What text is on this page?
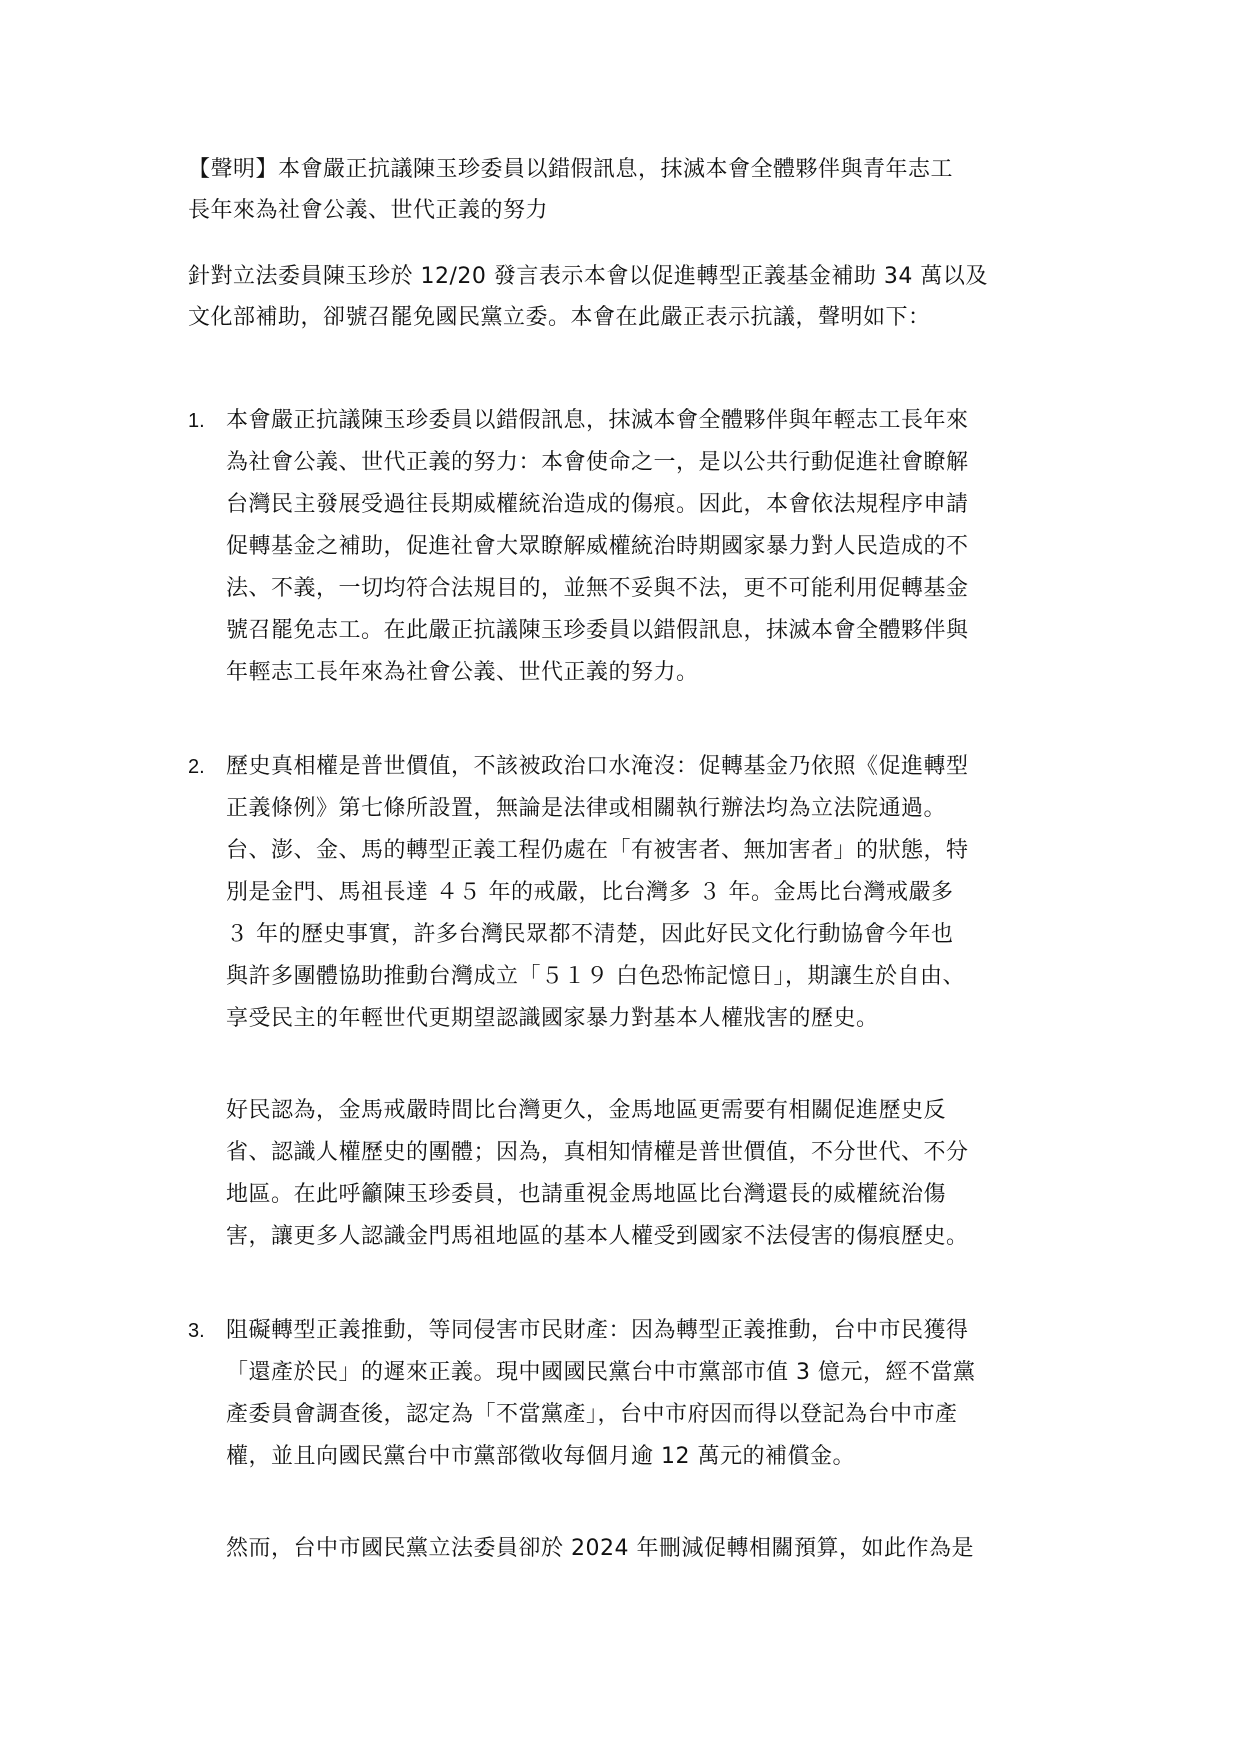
【聲明】本會嚴正抗議陳玉珍委員以錯假訊息，抹滅本會全體夥伴與青年志工
長年來為社會公義、世代正義的努力
針對立法委員陳玉珍於 12/20 發言表示本會以促進轉型正義基金補助 34 萬以及
文化部補助，卻號召罷免國民黨立委。本會在此嚴正表示抗議，聲明如下：
1. 本會嚴正抗議陳玉珍委員以錯假訊息，抹滅本會全體夥伴與年輕志工長年來
為社會公義、世代正義的努力：本會使命之一，是以公共行動促進社會瞭解
台灣民主發展受過往長期威權統治造成的傷痕。因此，本會依法規程序申請
促轉基金之補助，促進社會大眾瞭解威權統治時期國家暴力對人民造成的不
法、不義，一切均符合法規目的，並無不妥與不法，更不可能利用促轉基金
號召罷免志工。在此嚴正抗議陳玉珍委員以錯假訊息，抹滅本會全體夥伴與
年輕志工長年來為社會公義、世代正義的努力。
2. 歷史真相權是普世價值，不該被政治口水淹沒：促轉基金乃依照《促進轉型
正義條例》第七條所設置，無論是法律或相關執行辦法均為立法院通過。
台、澎、金、馬的轉型正義工程仍處在「有被害者、無加害者」的狀態，特
別是金門、馬祖長達 ４５ 年的戒嚴，比台灣多 ３ 年。金馬比台灣戒嚴多
３ 年的歷史事實，許多台灣民眾都不清楚，因此好民文化行動協會今年也
與許多團體協助推動台灣成立「５１９ 白色恐怖記憶日」，期讓生於自由、
享受民主的年輕世代更期望認識國家暴力對基本人權戕害的歷史。
好民認為，金馬戒嚴時間比台灣更久，金馬地區更需要有相關促進歷史反
省、認識人權歷史的團體；因為，真相知情權是普世價值，不分世代、不分
地區。在此呼籲陳玉珍委員，也請重視金馬地區比台灣還長的威權統治傷
害，讓更多人認識金門馬祖地區的基本人權受到國家不法侵害的傷痕歷史。
3. 阻礙轉型正義推動，等同侵害市民財產：因為轉型正義推動，台中市民獲得
「還產於民」的遲來正義。現中國國民黨台中市黨部市值 3 億元，經不當黨
產委員會調查後，認定為「不當黨產」，台中市府因而得以登記為台中市產
權，並且向國民黨台中市黨部徵收每個月逾 12 萬元的補償金。
然而，台中市國民黨立法委員卻於 2024 年刪減促轉相關預算，如此作為是
